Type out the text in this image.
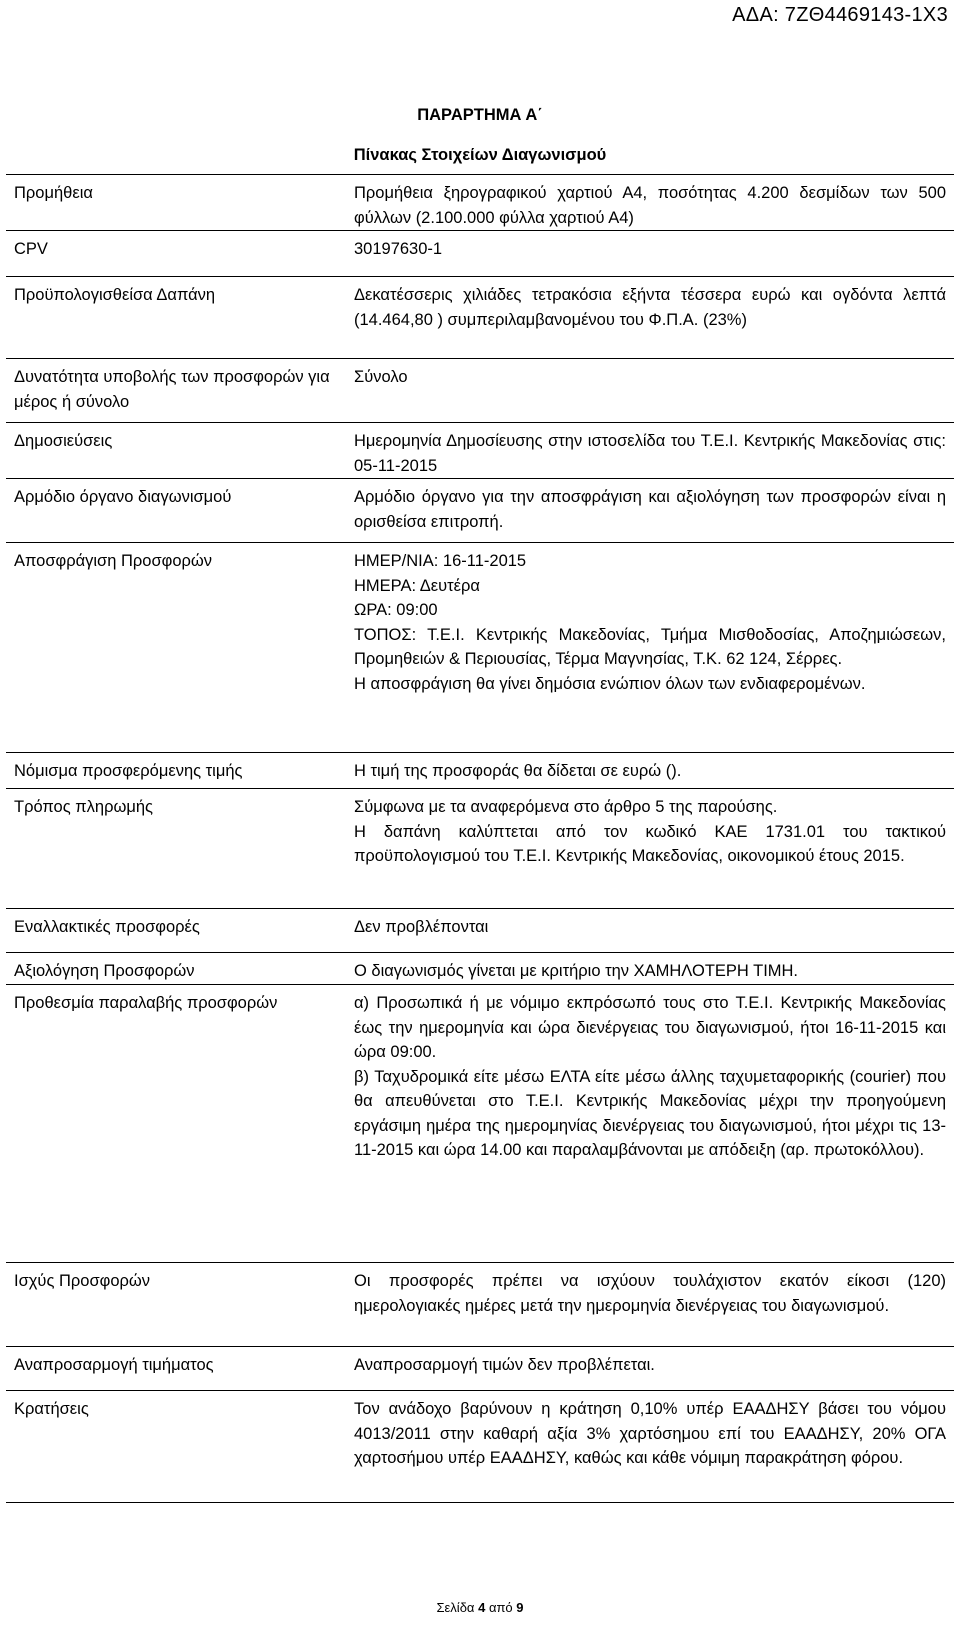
ΑΔΑ: 7ΖΘ4469143-1Χ3
ΠΑΡΑΡΤΗΜΑ Α΄
Πίνακας Στοιχείων Διαγωνισμού
Προμήθεια	Προμήθεια ξηρογραφικού χαρτιού Α4, ποσότητας 4.200 δεσμίδων των 500 φύλλων (2.100.000 φύλλα χαρτιού Α4)

CPV	30197630-1

Προϋπολογισθείσα Δαπάνη	Δεκατέσσερις χιλιάδες τετρακόσια εξήντα τέσσερα ευρώ και ογδόντα λεπτά (14.464,80 ) συμπεριλαμβανομένου του Φ.Π.Α. (23%)

Δυνατότητα υποβολής των προσφορών για μέρος ή σύνολο	Σύνολο

Δημοσιεύσεις	Ημερομηνία Δημοσίευσης στην ιστοσελίδα του Τ.Ε.Ι. Κεντρικής Μακεδονίας στις: 05-11-2015

Αρμόδιο όργανο διαγωνισμού	Αρμόδιο όργανο για την αποσφράγιση και αξιολόγηση των προσφορών είναι η ορισθείσα επιτροπή.

Αποσφράγιση Προσφορών	ΗΜΕΡ/ΝΙΑ: 16-11-2015
ΗΜΕΡΑ: Δευτέρα
ΩΡΑ: 09:00
ΤΟΠΟΣ: Τ.Ε.Ι. Κεντρικής Μακεδονίας, Τμήμα Μισθοδοσίας, Αποζημιώσεων, Προμηθειών & Περιουσίας, Τέρμα Μαγνησίας, Τ.Κ. 62 124, Σέρρες.
Η αποσφράγιση θα γίνει δημόσια ενώπιον όλων των ενδιαφερομένων.

Νόμισμα προσφερόμενης τιμής	Η τιμή της προσφοράς θα δίδεται σε ευρώ ().

Τρόπος πληρωμής	Σύμφωνα με τα αναφερόμενα στο άρθρο 5 της παρούσης.
Η δαπάνη καλύπτεται από τον κωδικό ΚΑΕ 1731.01 του τακτικού προϋπολογισμού του Τ.Ε.Ι. Κεντρικής Μακεδονίας, οικονομικού έτους 2015.

Εναλλακτικές προσφορές	Δεν προβλέπονται

Αξιολόγηση Προσφορών	Ο διαγωνισμός γίνεται με κριτήριο την ΧΑΜΗΛΟΤΕΡΗ ΤΙΜΗ.

Προθεσμία παραλαβής προσφορών	α) Προσωπικά ή με νόμιμο εκπρόσωπό τους στο Τ.Ε.Ι. Κεντρικής Μακεδονίας έως την ημερομηνία και ώρα διενέργειας του διαγωνισμού, ήτοι 16-11-2015 και ώρα 09:00.
β) Ταχυδρομικά είτε μέσω ΕΛΤΑ είτε μέσω άλλης ταχυμεταφορικής (courier) που θα απευθύνεται στο Τ.Ε.Ι. Κεντρικής Μακεδονίας μέχρι την προηγούμενη εργάσιμη ημέρα της ημερομηνίας διενέργειας του διαγωνισμού, ήτοι μέχρι τις 13-11-2015 και ώρα 14.00 και παραλαμβάνονται με απόδειξη (αρ. πρωτοκόλλου).

Ισχύς Προσφορών	Οι προσφορές πρέπει να ισχύουν τουλάχιστον εκατόν είκοσι (120) ημερολογιακές ημέρες μετά την ημερομηνία διενέργειας του διαγωνισμού.

Αναπροσαρμογή τιμήματος	Αναπροσαρμογή τιμών δεν προβλέπεται.

Κρατήσεις	Τον ανάδοχο βαρύνουν η κράτηση 0,10% υπέρ ΕΑΑΔΗΣΥ βάσει του νόμου 4013/2011 στην καθαρή αξία 3% χαρτόσημου επί του ΕΑΑΔΗΣΥ, 20% ΟΓΑ χαρτοσήμου υπέρ ΕΑΑΔΗΣΥ, καθώς και κάθε νόμιμη παρακράτηση φόρου.
Σελίδα 4 από 9
